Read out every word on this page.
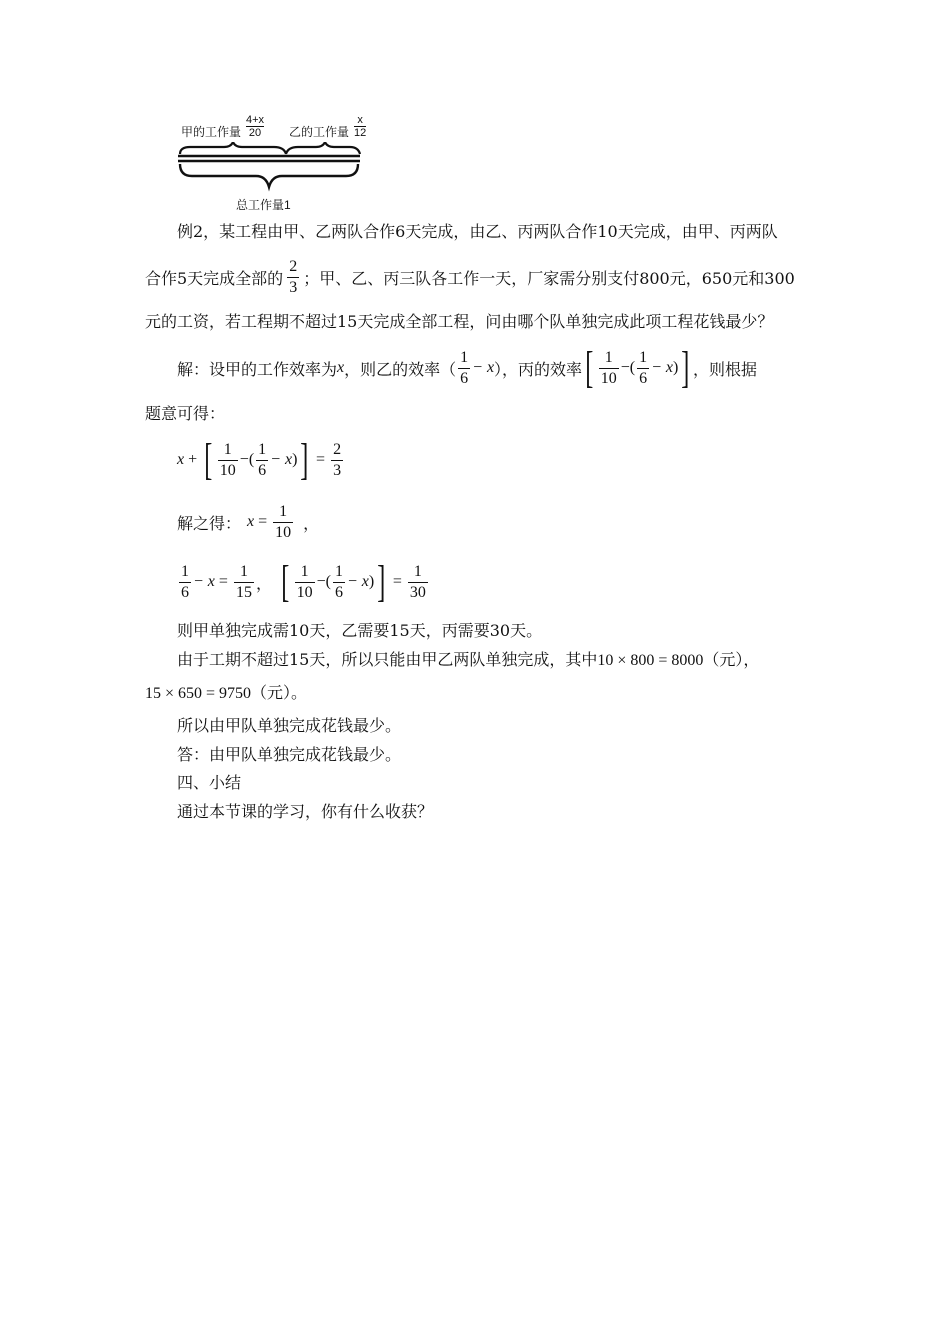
甲的工作量 $\frac{4+x}{20}$ 乙的工作量 $\frac{x}{12}$
总工作量1
例2，某工程由甲、乙两队合作6天完成，由乙、丙两队合作10天完成，由甲、丙两队
合作5天完成全部的 $\frac{2}{3}$ ；甲、乙、丙三队各工作一天，厂家需分别支付800元，650元和300
元的工资，若工程期不超过15天完成全部工程，问由哪个队单独完成此项工程花钱最少？
解：设甲的工作效率为 x ，则乙的效率（ $\frac{1}{6} - x$ ），丙的效率 [ $\frac{1}{10}$ − ( $\frac{1}{6} - x$ ) ] ，则根据
题意可得：
x + [ $\frac{1}{10}$ − ( $\frac{1}{6} - x$ ) ] = $\frac{2}{3}$
解之得： $x = \frac{1}{10}$ ，
$\frac{1}{6} - x = \frac{1}{15}$ ， [ $\frac{1}{10}$ − ( $\frac{1}{6} - x$ ) ] = $\frac{1}{30}$
则甲单独完成需10天，乙需要15天，丙需要30天。
由于工期不超过15天，所以只能由甲乙两队单独完成，其中10 × 800 = 8000（元），
15 × 650 = 9750（元）。
所以由甲队单独完成花钱最少。
答：由甲队单独完成花钱最少。
四、小结
通过本节课的学习，你有什么收获？
